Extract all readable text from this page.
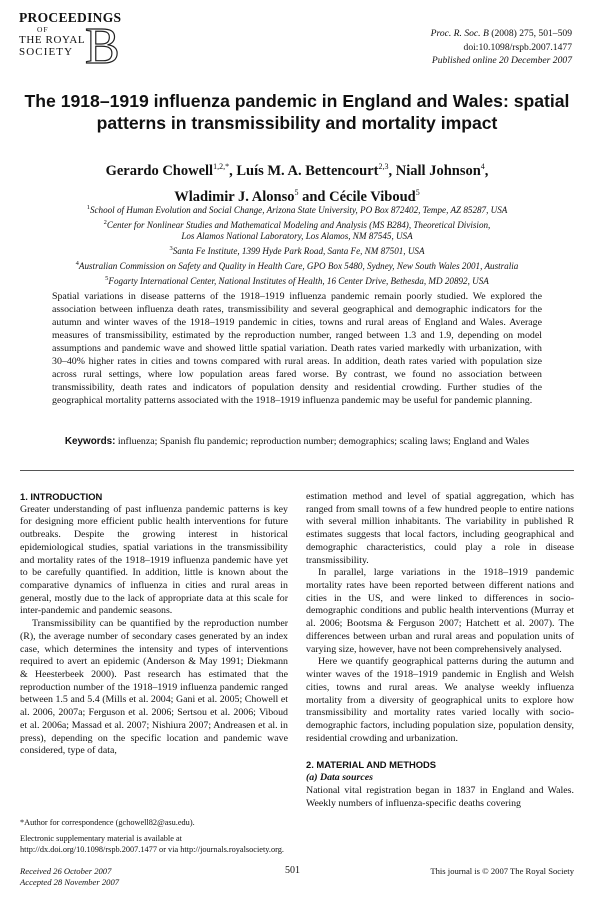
PROCEEDINGS
OF
THE ROYAL
SOCIETY B	Proc. R. Soc. B (2008) 275, 501–509
doi:10.1098/rspb.2007.1477
Published online 20 December 2007
The 1918–1919 influenza pandemic in England and Wales: spatial patterns in transmissibility and mortality impact
Gerardo Chowell$^{1,2,*}$, Luís M. A. Bettencourt$^{2,3}$, Niall Johnson$^4$,
Wladimir J. Alonso$^5$ and Cécile Viboud$^5$
$^1$School of Human Evolution and Social Change, Arizona State University, PO Box 872402, Tempe, AZ 85287, USA
$^2$Center for Nonlinear Studies and Mathematical Modeling and Analysis (MS B284), Theoretical Division,
Los Alamos National Laboratory, Los Alamos, NM 87545, USA
$^3$Santa Fe Institute, 1399 Hyde Park Road, Santa Fe, NM 87501, USA
$^4$Australian Commission on Safety and Quality in Health Care, GPO Box 5480, Sydney, New South Wales 2001, Australia
$^5$Fogarty International Center, National Institutes of Health, 16 Center Drive, Bethesda, MD 20892, USA
Spatial variations in disease patterns of the 1918–1919 influenza pandemic remain poorly studied. We explored the association between influenza death rates, transmissibility and several geographical and demographic indicators for the autumn and winter waves of the 1918–1919 pandemic in cities, towns and rural areas of England and Wales. Average measures of transmissibility, estimated by the reproduction number, ranged between 1.3 and 1.9, depending on model assumptions and pandemic wave and showed little spatial variation. Death rates varied markedly with urbanization, with 30–40% higher rates in cities and towns compared with rural areas. In addition, death rates varied with population size across rural settings, where low population areas fared worse. By contrast, we found no association between transmissibility, death rates and indicators of population density and residential crowding. Further studies of the geographical mortality patterns associated with the 1918–1919 influenza pandemic may be useful for pandemic planning.
Keywords: influenza; Spanish flu pandemic; reproduction number; demographics; scaling laws; England and Wales
1. INTRODUCTION

Greater understanding of past influenza pandemic patterns is key for designing more efficient public health interventions for future outbreaks. Despite the growing interest in historical epidemiological studies, spatial variations in the transmissibility and mortality rates of the 1918–1919 influenza pandemic have yet to be carefully quantified. In addition, little is known about the comparative dynamics of influenza in cities and rural areas in general, mostly due to the lack of appropriate data at this scale for inter-pandemic and pandemic seasons.

Transmissibility can be quantified by the reproduction number (R), the average number of secondary cases generated by an index case, which determines the intensity and types of interventions required to avert an epidemic (Anderson & May 1991; Diekmann & Heesterbeek 2000). Past research has estimated that the reproduction number of the 1918–1919 influenza pandemic ranged between 1.5 and 5.4 (Mills et al. 2004; Gani et al. 2005; Chowell et al. 2006, 2007a; Ferguson et al. 2006; Sertsou et al. 2006; Viboud et al. 2006a; Massad et al. 2007; Nishiura 2007; Andreasen et al. in press), depending on the specific location and pandemic wave considered, type of data,

estimation method and level of spatial aggregation, which has ranged from small towns of a few hundred people to entire nations with several million inhabitants. The variability in published R estimates suggests that local factors, including geographical and demographic characteristics, could play a role in disease transmissibility.

In parallel, large variations in the 1918–1919 pandemic mortality rates have been reported between different nations and cities in the US, and were linked to differences in socio-demographic conditions and public health interventions (Murray et al. 2006; Bootsma & Ferguson 2007; Hatchett et al. 2007). The differences between urban and rural areas and population units of varying size, however, have not been comprehensively analysed.

Here we quantify geographical patterns during the autumn and winter waves of the 1918–1919 pandemic in English and Welsh cities, towns and rural areas. We analyse weekly influenza mortality from a diversity of geographical units to explore how transmissibility and mortality rates varied locally with socio-demographic factors, including population size, population density, residential crowding and urbanization.

2. MATERIAL AND METHODS
(a) Data sources

National vital registration began in 1837 in England and Wales. Weekly numbers of influenza-specific deaths covering

*Author for correspondence (gchowell82@asu.edu).
Electronic supplementary material is available at http://dx.doi.org/10.1098/rspb.2007.1477 or via http://journals.royalsociety.org.
Received 26 October 2007
Accepted 28 November 2007
501	This journal is © 2007 The Royal Society
